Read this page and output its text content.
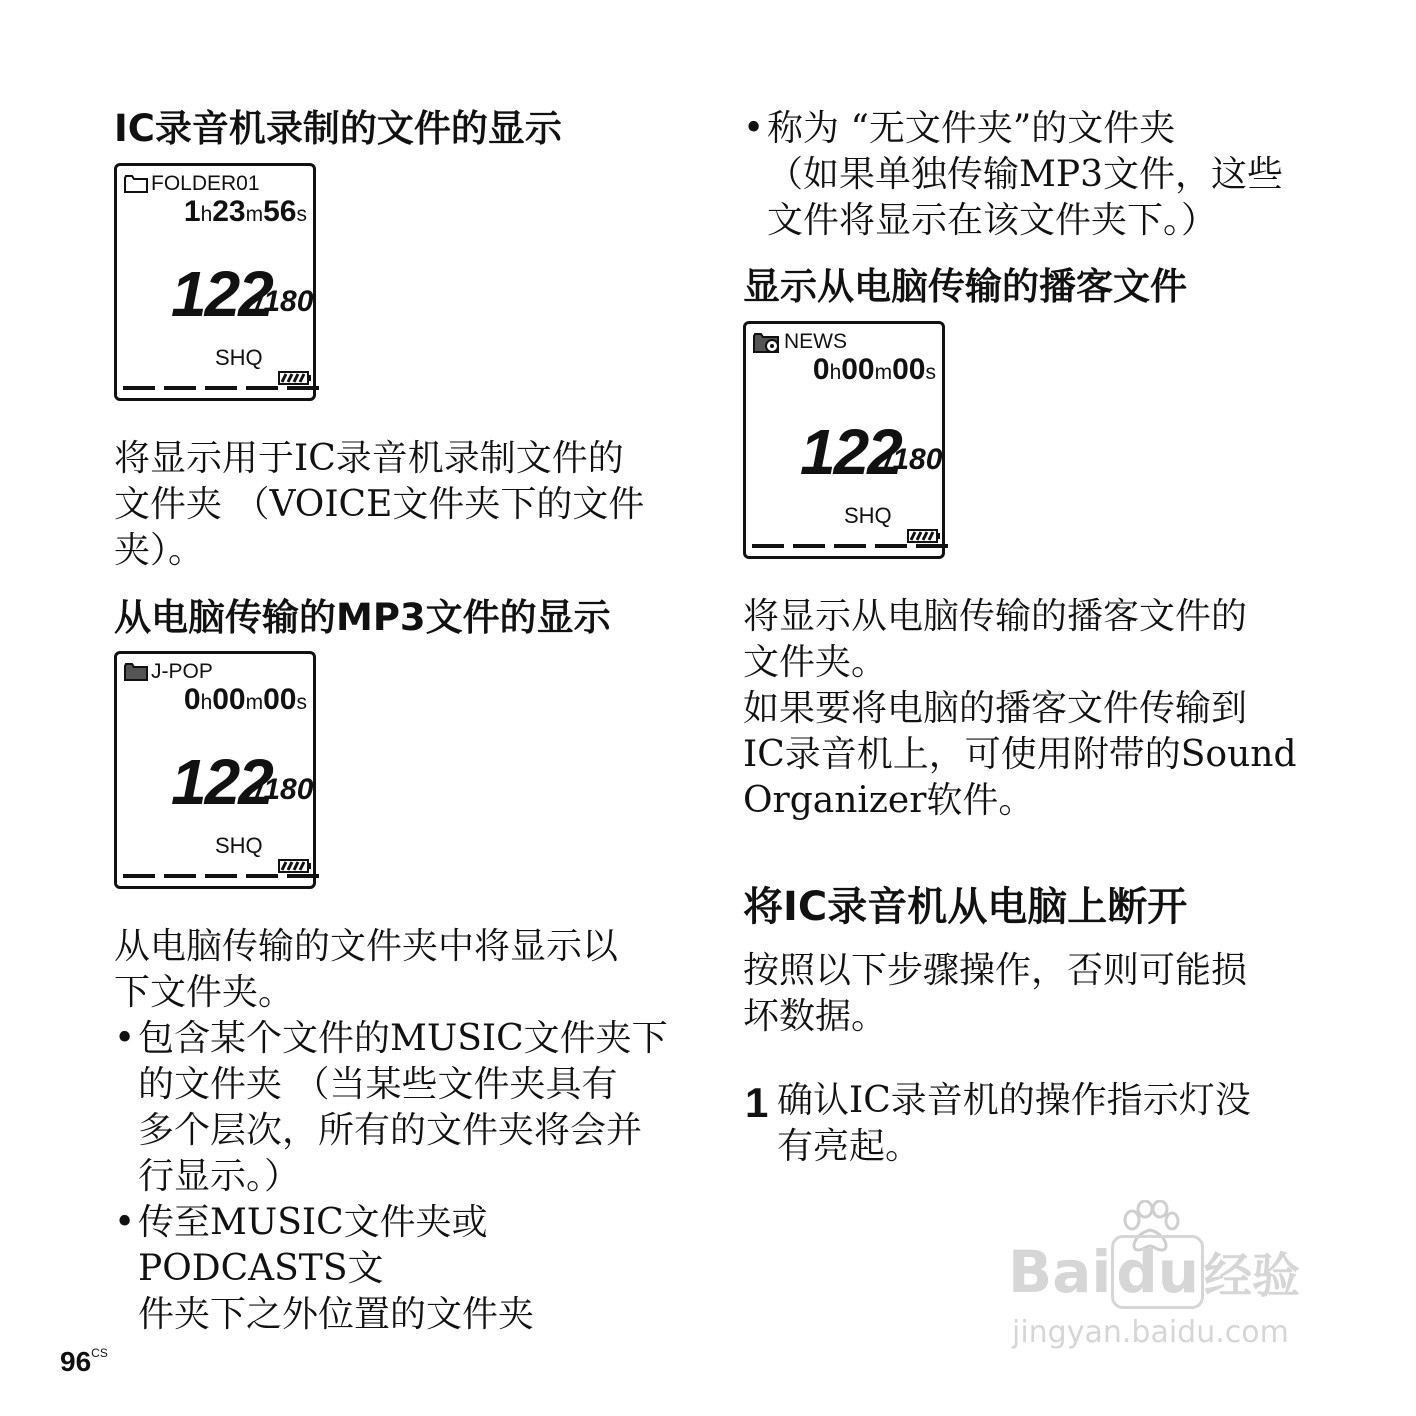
IC录音机录制的文件的显示
FOLDER01
1h23m56s
122
/180
SHQ

将显示用于IC录音机录制文件的
文件夹 （VOICE文件夹下的文件
夹）。

从电脑传输的MP3文件的显示
J-POP
0h00m00s
122
/180
SHQ

从电脑传输的文件夹中将显示以
下文件夹。

• 包含某个文件的MUSIC文件夹下
的文件夹 （当某些文件夹具有
多个层次，所有的文件夹将会并
行显示。）
• 传至MUSIC文件夹或PODCASTS文
件夹下之外位置的文件夹
• 称为 “无文件夹”的文件夹
（如果单独传输MP3文件，这些
文件将显示在该文件夹下。）
显示从电脑传输的播客文件
NEWS
0h00m00s
122
/180
SHQ

将显示从电脑传输的播客文件的
文件夹。
如果要将电脑的播客文件传输到
IC录音机上，可使用附带的Sound
Organizer软件。

将IC录音机从电脑上断开

按照以下步骤操作，否则可能损
坏数据。

1 确认IC录音机的操作指示灯没
有亮起。

$96^{CS}$
Baidu 经验
jingyan.baidu.com
